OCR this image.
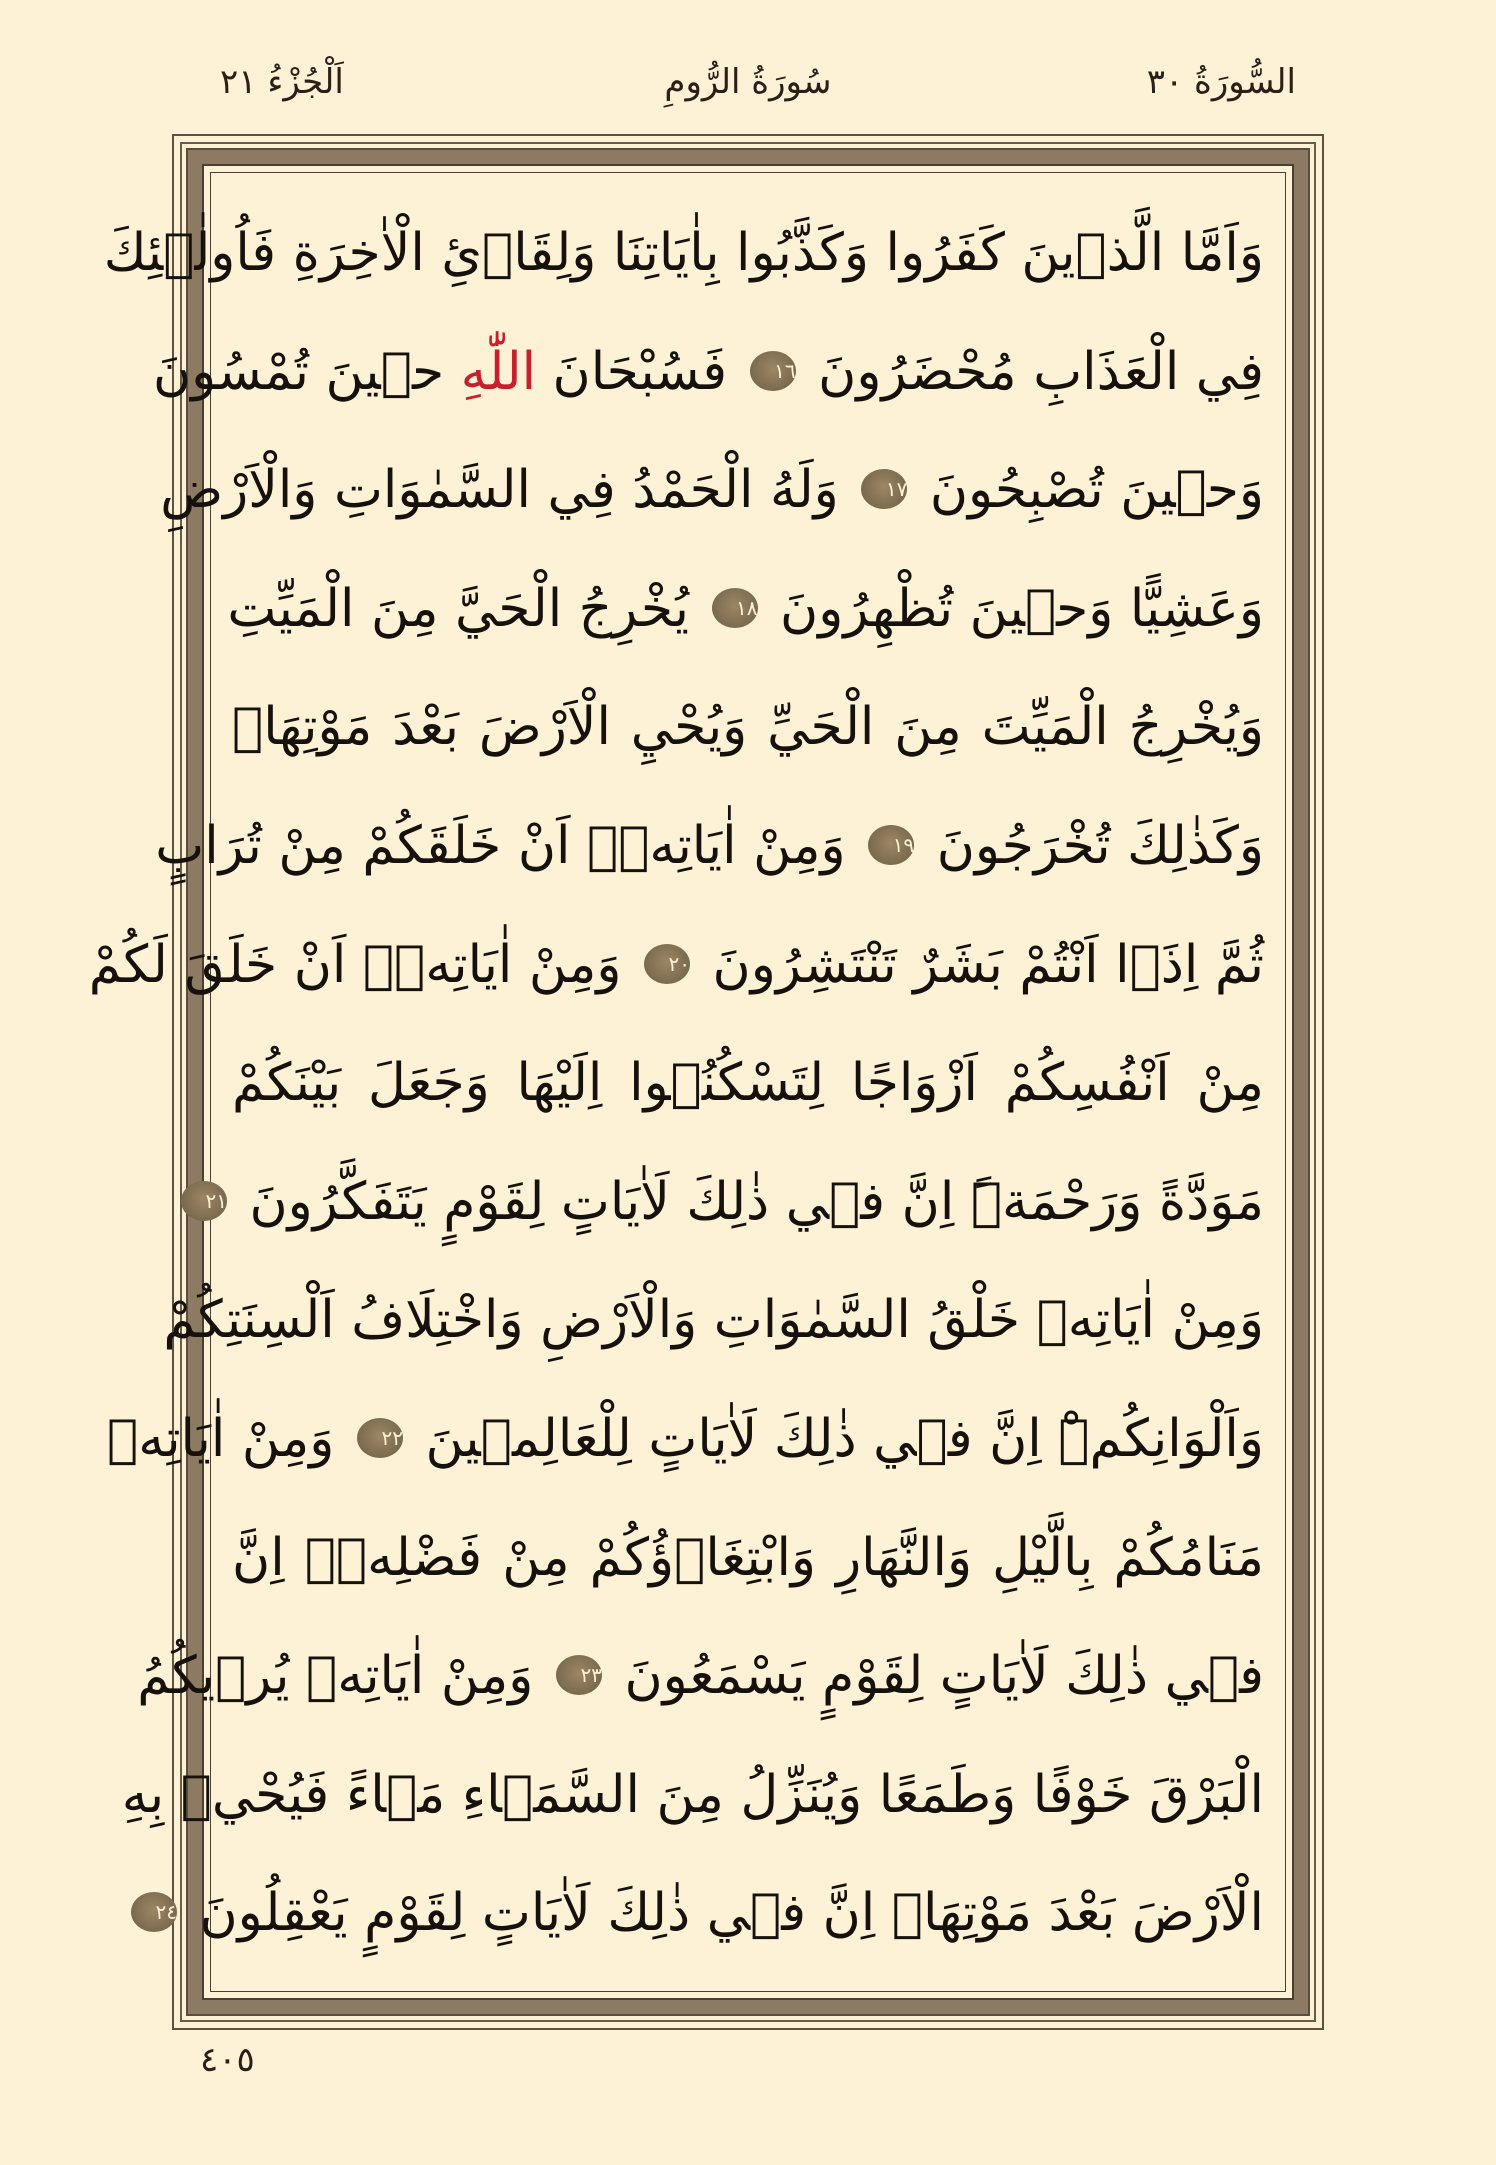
السُّورَةُ ٣٠
سُورَةُ الرُّومِ
اَلْجُزْءُ ٢١
وَاَمَّا الَّذٖينَ كَفَرُوا وَكَذَّبُوا بِاٰيَاتِنَا وَلِقَاۤئِ الْاٰخِرَةِ فَاُولٰۤئِكَ
فِي الْعَذَابِ مُحْضَرُونَ ١٦ فَسُبْحَانَ اللّٰهِ حٖينَ تُمْسُونَ
وَحٖينَ تُصْبِحُونَ ١٧ وَلَهُ الْحَمْدُ فِي السَّمٰوَاتِ وَالْاَرْضِ
وَعَشِيًّا وَحٖينَ تُظْهِرُونَ ١٨ يُخْرِجُ الْحَيَّ مِنَ الْمَيِّتِ
وَيُخْرِجُ الْمَيِّتَ مِنَ الْحَيِّ وَيُحْيِ الْاَرْضَ بَعْدَ مَوْتِهَاۜ
وَكَذٰلِكَ تُخْرَجُونَ ١٩ وَمِنْ اٰيَاتِهٖۤ اَنْ خَلَقَكُمْ مِنْ تُرَابٍ
ثُمَّ اِذَۤا اَنْتُمْ بَشَرٌ تَنْتَشِرُونَ ٢٠ وَمِنْ اٰيَاتِهٖۤ اَنْ خَلَقَ لَكُمْ
مِنْ اَنْفُسِكُمْ اَزْوَاجًا لِتَسْكُنُۤوا اِلَيْهَا وَجَعَلَ بَيْنَكُمْ
مَوَدَّةً وَرَحْمَةًۜ اِنَّ فٖي ذٰلِكَ لَاٰيَاتٍ لِقَوْمٍ يَتَفَكَّرُونَ ٢١
وَمِنْ اٰيَاتِهٖ خَلْقُ السَّمٰوَاتِ وَالْاَرْضِ وَاخْتِلَافُ اَلْسِنَتِكُمْ
وَاَلْوَانِكُمْۜ اِنَّ فٖي ذٰلِكَ لَاٰيَاتٍ لِلْعَالِمٖينَ ٢٢ وَمِنْ اٰيَاتِهٖ
مَنَامُكُمْ بِالَّيْلِ وَالنَّهَارِ وَابْتِغَاۤؤُكُمْ مِنْ فَضْلِهٖۜ اِنَّ
فٖي ذٰلِكَ لَاٰيَاتٍ لِقَوْمٍ يَسْمَعُونَ ٢٣ وَمِنْ اٰيَاتِهٖ يُرٖيكُمُ
الْبَرْقَ خَوْفًا وَطَمَعًا وَيُنَزِّلُ مِنَ السَّمَۤاءِ مَۤاءً فَيُحْيٖ بِهِ
الْاَرْضَ بَعْدَ مَوْتِهَاۜ اِنَّ فٖي ذٰلِكَ لَاٰيَاتٍ لِقَوْمٍ يَعْقِلُونَ ٢٤
٤٠٥
